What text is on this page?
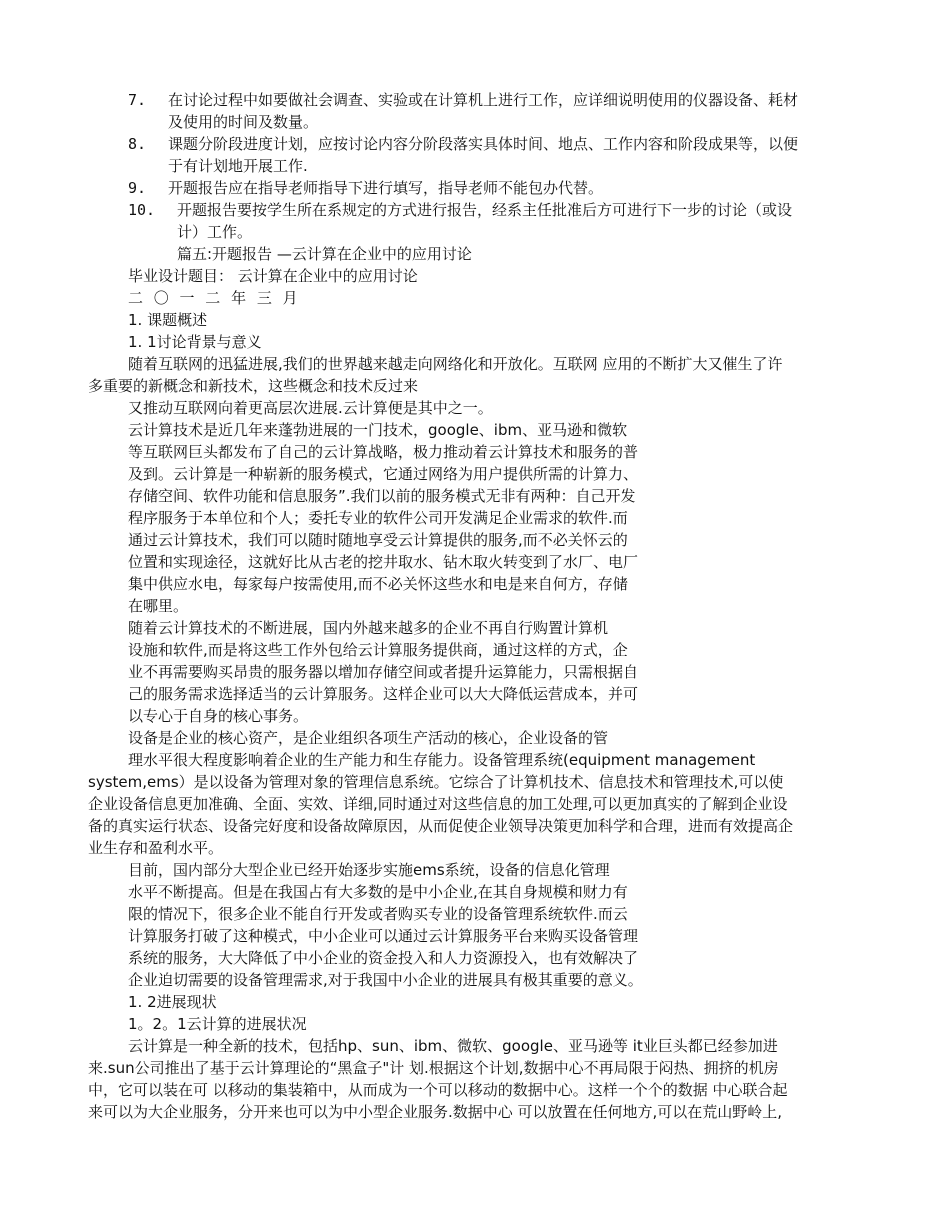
7. 在讨论过程中如要做社会调查、实验或在计算机上进行工作，应详细说明使用的仪器设备、耗材
及使用的时间及数量。
8. 课题分阶段进度计划，应按讨论内容分阶段落实具体时间、地点、工作内容和阶段成果等，以便
于有计划地开展工作.
9. 开题报告应在指导老师指导下进行填写，指导老师不能包办代替。
10. 开题报告要按学生所在系规定的方式进行报告，经系主任批准后方可进行下一步的讨论（或设
计）工作。
篇五:开题报告 —云计算在企业中的应用讨论
毕业设计题目： 云计算在企业中的应用讨论
二 〇 一 二 年 三 月
1. 课题概述
1. 1讨论背景与意义
随着互联网的迅猛进展,我们的世界越来越走向网络化和开放化。互联网 应用的不断扩大又催生了许
多重要的新概念和新技术，这些概念和技术反过来
又推动互联网向着更高层次进展.云计算便是其中之一。
云计算技术是近几年来蓬勃进展的一门技术，google、ibm、亚马逊和微软
等互联网巨头都发布了自己的云计算战略，极力推动着云计算技术和服务的普
及到。云计算是一种崭新的服务模式，它通过网络为用户提供所需的计算力、
存储空间、软件功能和信息服务”.我们以前的服务模式无非有两种：自己开发
程序服务于本单位和个人；委托专业的软件公司开发满足企业需求的软件.而
通过云计算技术，我们可以随时随地享受云计算提供的服务,而不必关怀云的
位置和实现途径，这就好比从古老的挖井取水、钻木取火转变到了水厂、电厂
集中供应水电，每家每户按需使用,而不必关怀这些水和电是来自何方，存储
在哪里。
随着云计算技术的不断进展，国内外越来越多的企业不再自行购置计算机
设施和软件,而是将这些工作外包给云计算服务提供商，通过这样的方式，企
业不再需要购买昂贵的服务器以增加存储空间或者提升运算能力，只需根据自
己的服务需求选择适当的云计算服务。这样企业可以大大降低运营成本，并可
以专心于自身的核心事务。
设备是企业的核心资产，是企业组织各项生产活动的核心，企业设备的管
理水平很大程度影响着企业的生产能力和生存能力。设备管理系统(equipment management
system,ems）是以设备为管理对象的管理信息系统。它综合了计算机技术、信息技术和管理技术,可以使
企业设备信息更加准确、全面、实效、详细,同时通过对这些信息的加工处理,可以更加真实的了解到企业设
备的真实运行状态、设备完好度和设备故障原因，从而促使企业领导决策更加科学和合理，进而有效提高企
业生存和盈利水平。
目前，国内部分大型企业已经开始逐步实施ems系统，设备的信息化管理
水平不断提高。但是在我国占有大多数的是中小企业,在其自身规模和财力有
限的情况下，很多企业不能自行开发或者购买专业的设备管理系统软件.而云
计算服务打破了这种模式，中小企业可以通过云计算服务平台来购买设备管理
系统的服务，大大降低了中小企业的资金投入和人力资源投入，也有效解决了
企业迫切需要的设备管理需求,对于我国中小企业的进展具有极其重要的意义。
1. 2进展现状
1。2。1云计算的进展状况
云计算是一种全新的技术，包括hp、sun、ibm、微软、google、亚马逊等 it业巨头都已经参加进
来.sun公司推出了基于云计算理论的“黑盒子"计 划.根据这个计划,数据中心不再局限于闷热、拥挤的机房
中，它可以装在可 以移动的集装箱中，从而成为一个可以移动的数据中心。这样一个个的数据 中心联合起
来可以为大企业服务，分开来也可以为中小型企业服务.数据中心 可以放置在任何地方,可以在荒山野岭上,
